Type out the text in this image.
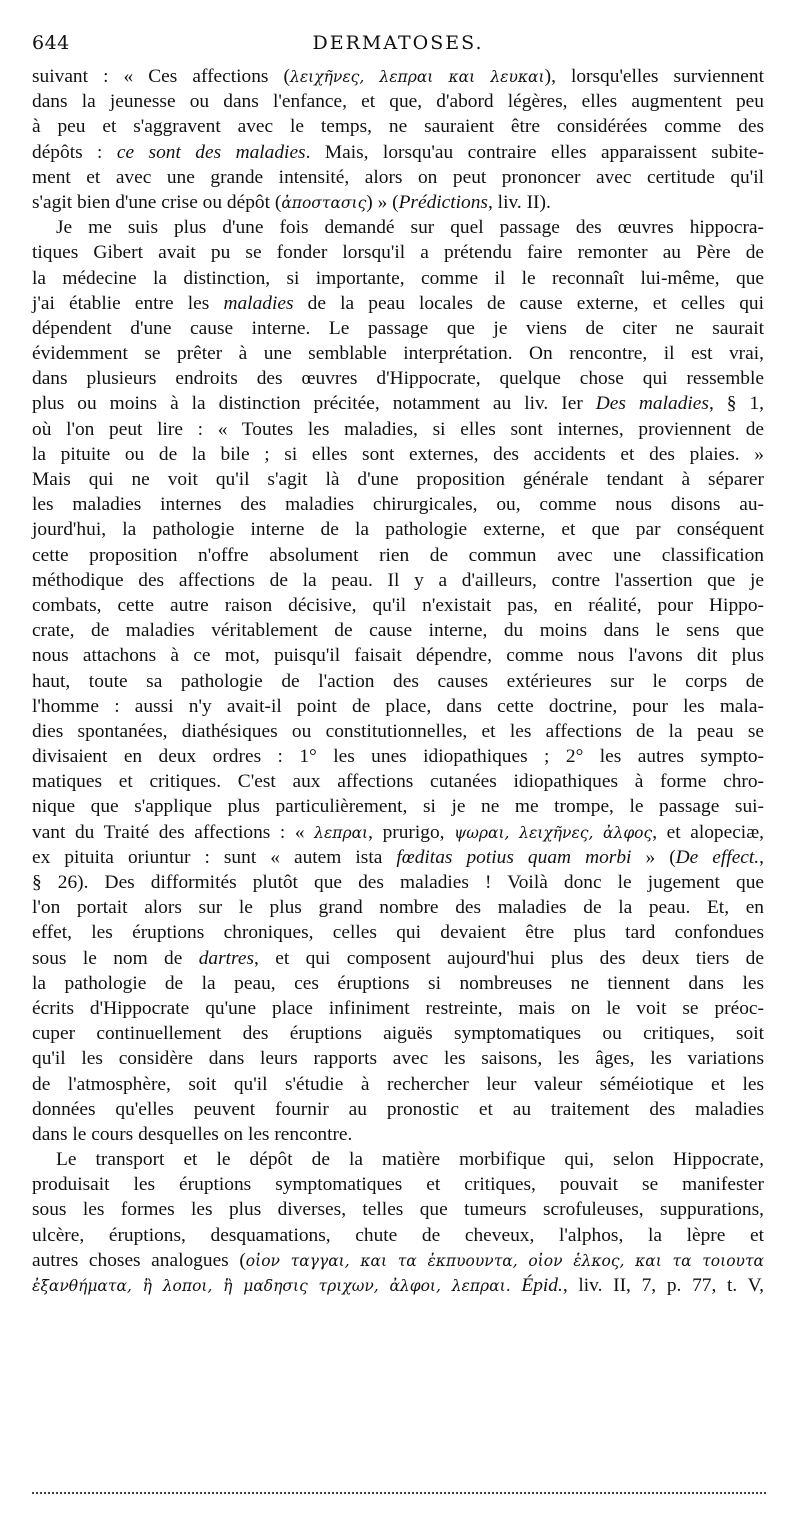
644	DERMATOSES.
suivant : « Ces affections (λειχῆνες, λεπραι και λευκαι), lorsqu'elles surviennent
dans la jeunesse ou dans l'enfance, et que, d'abord légères, elles augmentent peu
à peu et s'aggravent avec le temps, ne sauraient être considérées comme des
dépôts : ce sont des maladies. Mais, lorsqu'au contraire elles apparaissent subite-
ment et avec une grande intensité, alors on peut prononcer avec certitude qu'il
s'agit bien d'une crise ou dépôt (ἀποστασις) » (Prédictions, liv. II).
Je me suis plus d'une fois demandé sur quel passage des œuvres hippocra-
tiques Gibert avait pu se fonder lorsqu'il a prétendu faire remonter au Père de
la médecine la distinction, si importante, comme il le reconnaît lui-même, que
j'ai établie entre les maladies de la peau locales de cause externe, et celles qui
dépendent d'une cause interne. Le passage que je viens de citer ne saurait
évidemment se prêter à une semblable interprétation. On rencontre, il est vrai,
dans plusieurs endroits des œuvres d'Hippocrate, quelque chose qui ressemble
plus ou moins à la distinction précitée, notamment au liv. Ier Des maladies, § 1,
où l'on peut lire : « Toutes les maladies, si elles sont internes, proviennent de
la pituite ou de la bile ; si elles sont externes, des accidents et des plaies. »
Mais qui ne voit qu'il s'agit là d'une proposition générale tendant à séparer
les maladies internes des maladies chirurgicales, ou, comme nous disons au-
jourd'hui, la pathologie interne de la pathologie externe, et que par conséquent
cette proposition n'offre absolument rien de commun avec une classification
méthodique des affections de la peau. Il y a d'ailleurs, contre l'assertion que je
combats, cette autre raison décisive, qu'il n'existait pas, en réalité, pour Hippo-
crate, de maladies véritablement de cause interne, du moins dans le sens que
nous attachons à ce mot, puisqu'il faisait dépendre, comme nous l'avons dit plus
haut, toute sa pathologie de l'action des causes extérieures sur le corps de
l'homme : aussi n'y avait-il point de place, dans cette doctrine, pour les mala-
dies spontanées, diathésiques ou constitutionnelles, et les affections de la peau se
divisaient en deux ordres : 1° les unes idiopathiques ; 2° les autres sympto-
matiques et critiques. C'est aux affections cutanées idiopathiques à forme chro-
nique que s'applique plus particulièrement, si je ne me trompe, le passage sui-
vant du Traité des affections : « λεπραι, prurigo, ψωραι, λειχῆνες, ἀλφος, et alopeciæ,
ex pituita oriuntur : sunt « autem ista fœditas potius quam morbi » (De effect.,
§ 26). Des difformités plutôt que des maladies ! Voilà donc le jugement que
l'on portait alors sur le plus grand nombre des maladies de la peau. Et, en
effet, les éruptions chroniques, celles qui devaient être plus tard confondues
sous le nom de dartres, et qui composent aujourd'hui plus des deux tiers de
la pathologie de la peau, ces éruptions si nombreuses ne tiennent dans les
écrits d'Hippocrate qu'une place infiniment restreinte, mais on le voit se préoc-
cuper continuellement des éruptions aiguës symptomatiques ou critiques, soit
qu'il les considère dans leurs rapports avec les saisons, les âges, les variations
de l'atmosphère, soit qu'il s'étudie à rechercher leur valeur séméiotique et les
données qu'elles peuvent fournir au pronostic et au traitement des maladies
dans le cours desquelles on les rencontre.
Le transport et le dépôt de la matière morbifique qui, selon Hippocrate,
produisait les éruptions symptomatiques et critiques, pouvait se manifester
sous les formes les plus diverses, telles que tumeurs scrofuleuses, suppurations,
ulcère, éruptions, desquamations, chute de cheveux, l'alphos, la lèpre et
autres choses analogues (οἰον ταγγαι, και τα ἐκπυουντα, οἰον ἑλκος, και τα τοιουτα
ἐξανθήματα, ἢ λοποι, ἢ μαδησις τριχων, ἀλφοι, λεπραι. Épid., liv. II, 7, p. 77, t. V,
